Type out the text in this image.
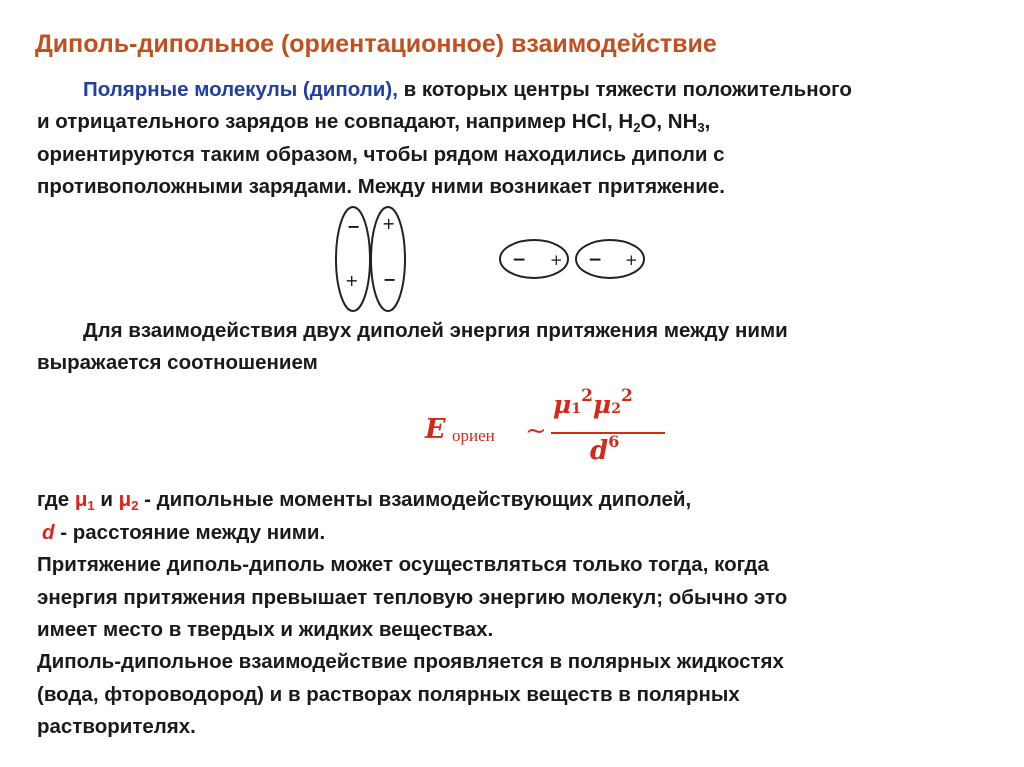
Диполь-дипольное (ориентационное) взаимодействие

Полярные молекулы (диполи), в которых центры тяжести положительного

и отрицательного зарядов не совпадают, например HCl, $H_2O$, $NH_3$,

ориентируются таким образом, чтобы рядом находились диполи с

противоположными зарядами. Между ними возникает притяжение.

−
+
+
−
− + − +

Для взаимодействия двух диполей энергия притяжения между ними

выражается соотношением

E ориен ~
$\mu 1^2\mu 2^2$
$d^6$

где $\mu_1$ и $\mu_2$ - дипольные моменты взаимодействующих диполей,

d - расстояние между ними.

Притяжение диполь-диполь может осуществляться только тогда, когда

энергия притяжения превышает тепловую энергию молекул; обычно это

имеет место в твердых и жидких веществах.

Диполь-дипольное взаимодействие проявляется в полярных жидкостях

(вода, фтороводород) и в растворах полярных веществ в полярных

растворителях.
